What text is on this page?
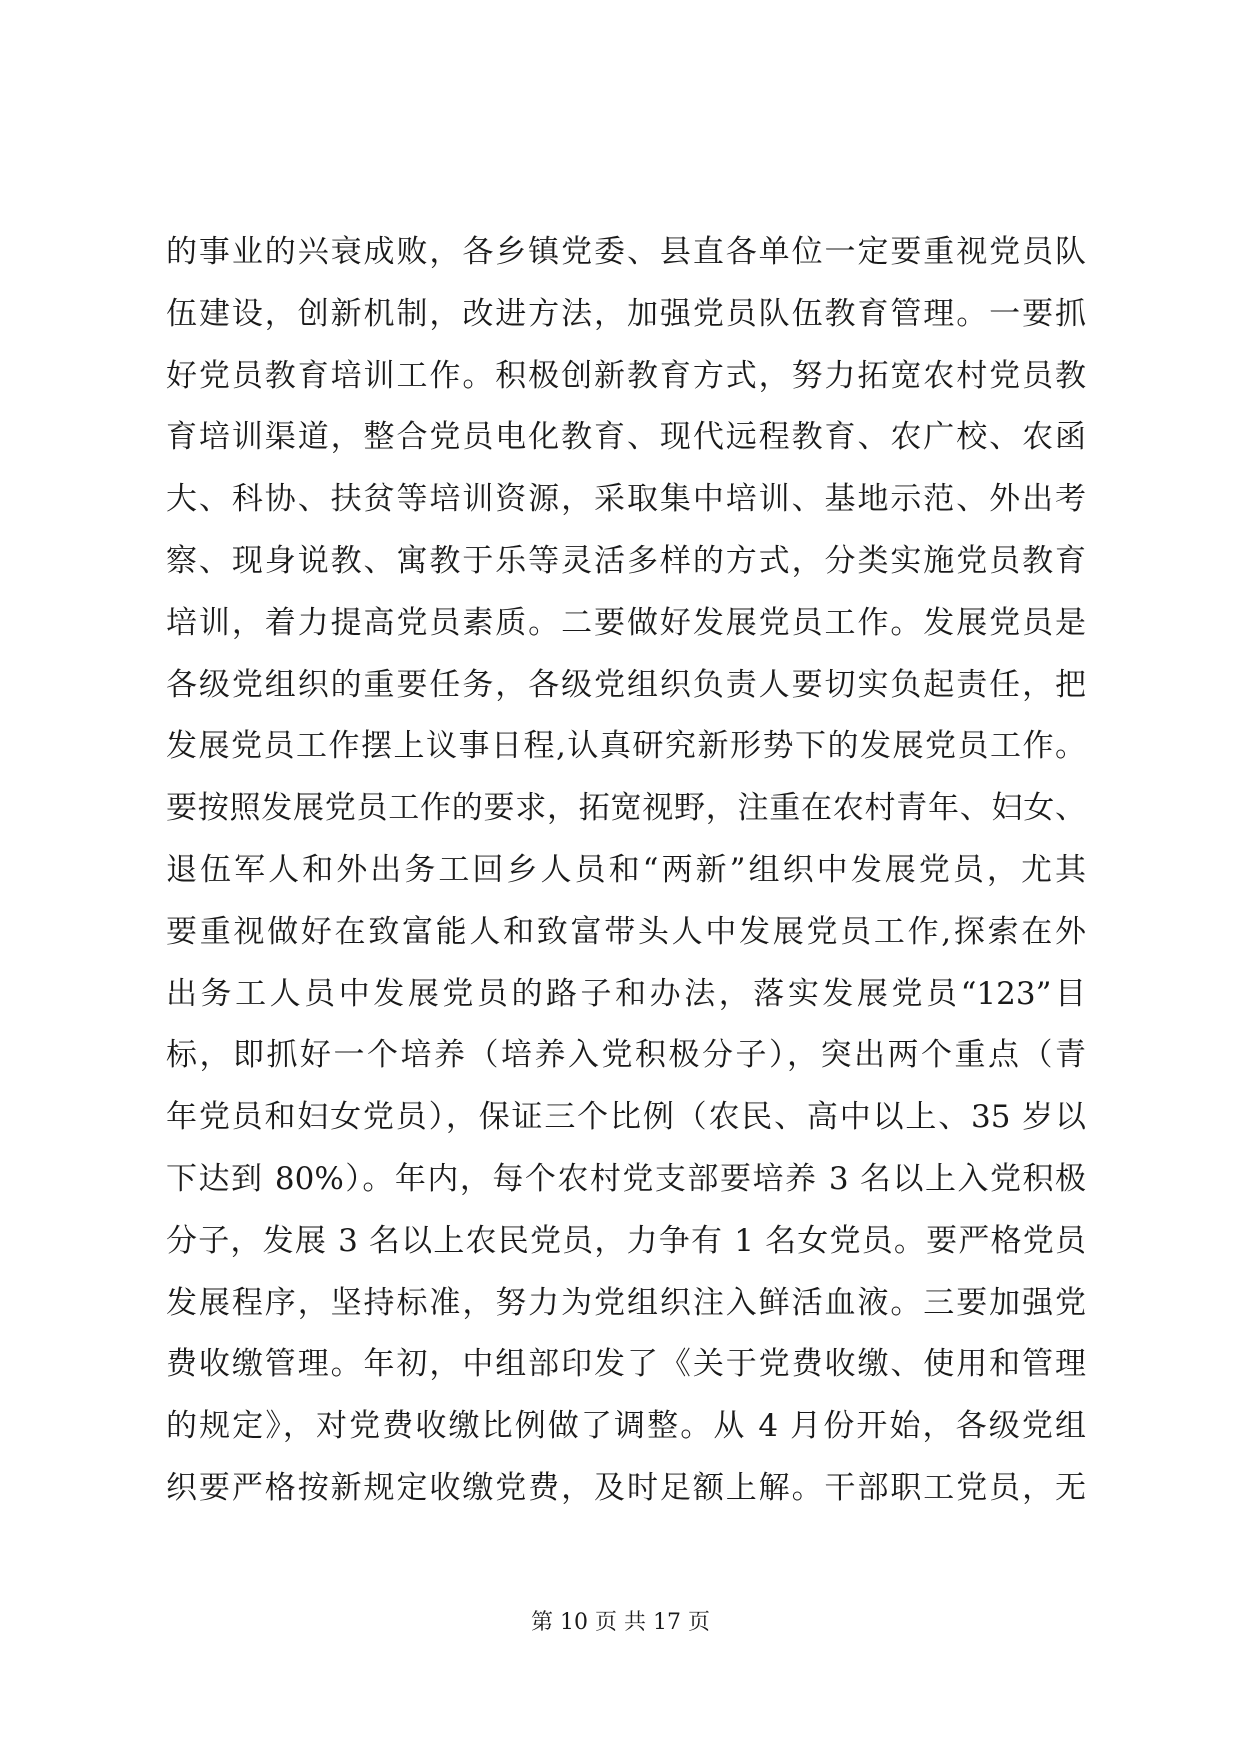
的事业的兴衰成败，各乡镇党委、县直各单位一定要重视党员队
伍建设，创新机制，改进方法，加强党员队伍教育管理。一要抓
好党员教育培训工作。积极创新教育方式，努力拓宽农村党员教
育培训渠道，整合党员电化教育、现代远程教育、农广校、农函
大、科协、扶贫等培训资源，采取集中培训、基地示范、外出考
察、现身说教、寓教于乐等灵活多样的方式，分类实施党员教育
培训，着力提高党员素质。二要做好发展党员工作。发展党员是
各级党组织的重要任务，各级党组织负责人要切实负起责任，把
发展党员工作摆上议事日程,认真研究新形势下的发展党员工作。
要按照发展党员工作的要求，拓宽视野，注重在农村青年、妇女、
退伍军人和外出务工回乡人员和“两新”组织中发展党员，尤其
要重视做好在致富能人和致富带头人中发展党员工作,探索在外
出务工人员中发展党员的路子和办法，落实发展党员“123”目
标，即抓好一个培养（培养入党积极分子），突出两个重点（青
年党员和妇女党员），保证三个比例（农民、高中以上、35 岁以
下达到 80%）。年内，每个农村党支部要培养 3 名以上入党积极
分子，发展 3 名以上农民党员，力争有 1 名女党员。要严格党员
发展程序，坚持标准，努力为党组织注入鲜活血液。三要加强党
费收缴管理。年初，中组部印发了《关于党费收缴、使用和管理
的规定》，对党费收缴比例做了调整。从 4 月份开始，各级党组
织要严格按新规定收缴党费，及时足额上解。干部职工党员，无
第 10 页 共 17 页
